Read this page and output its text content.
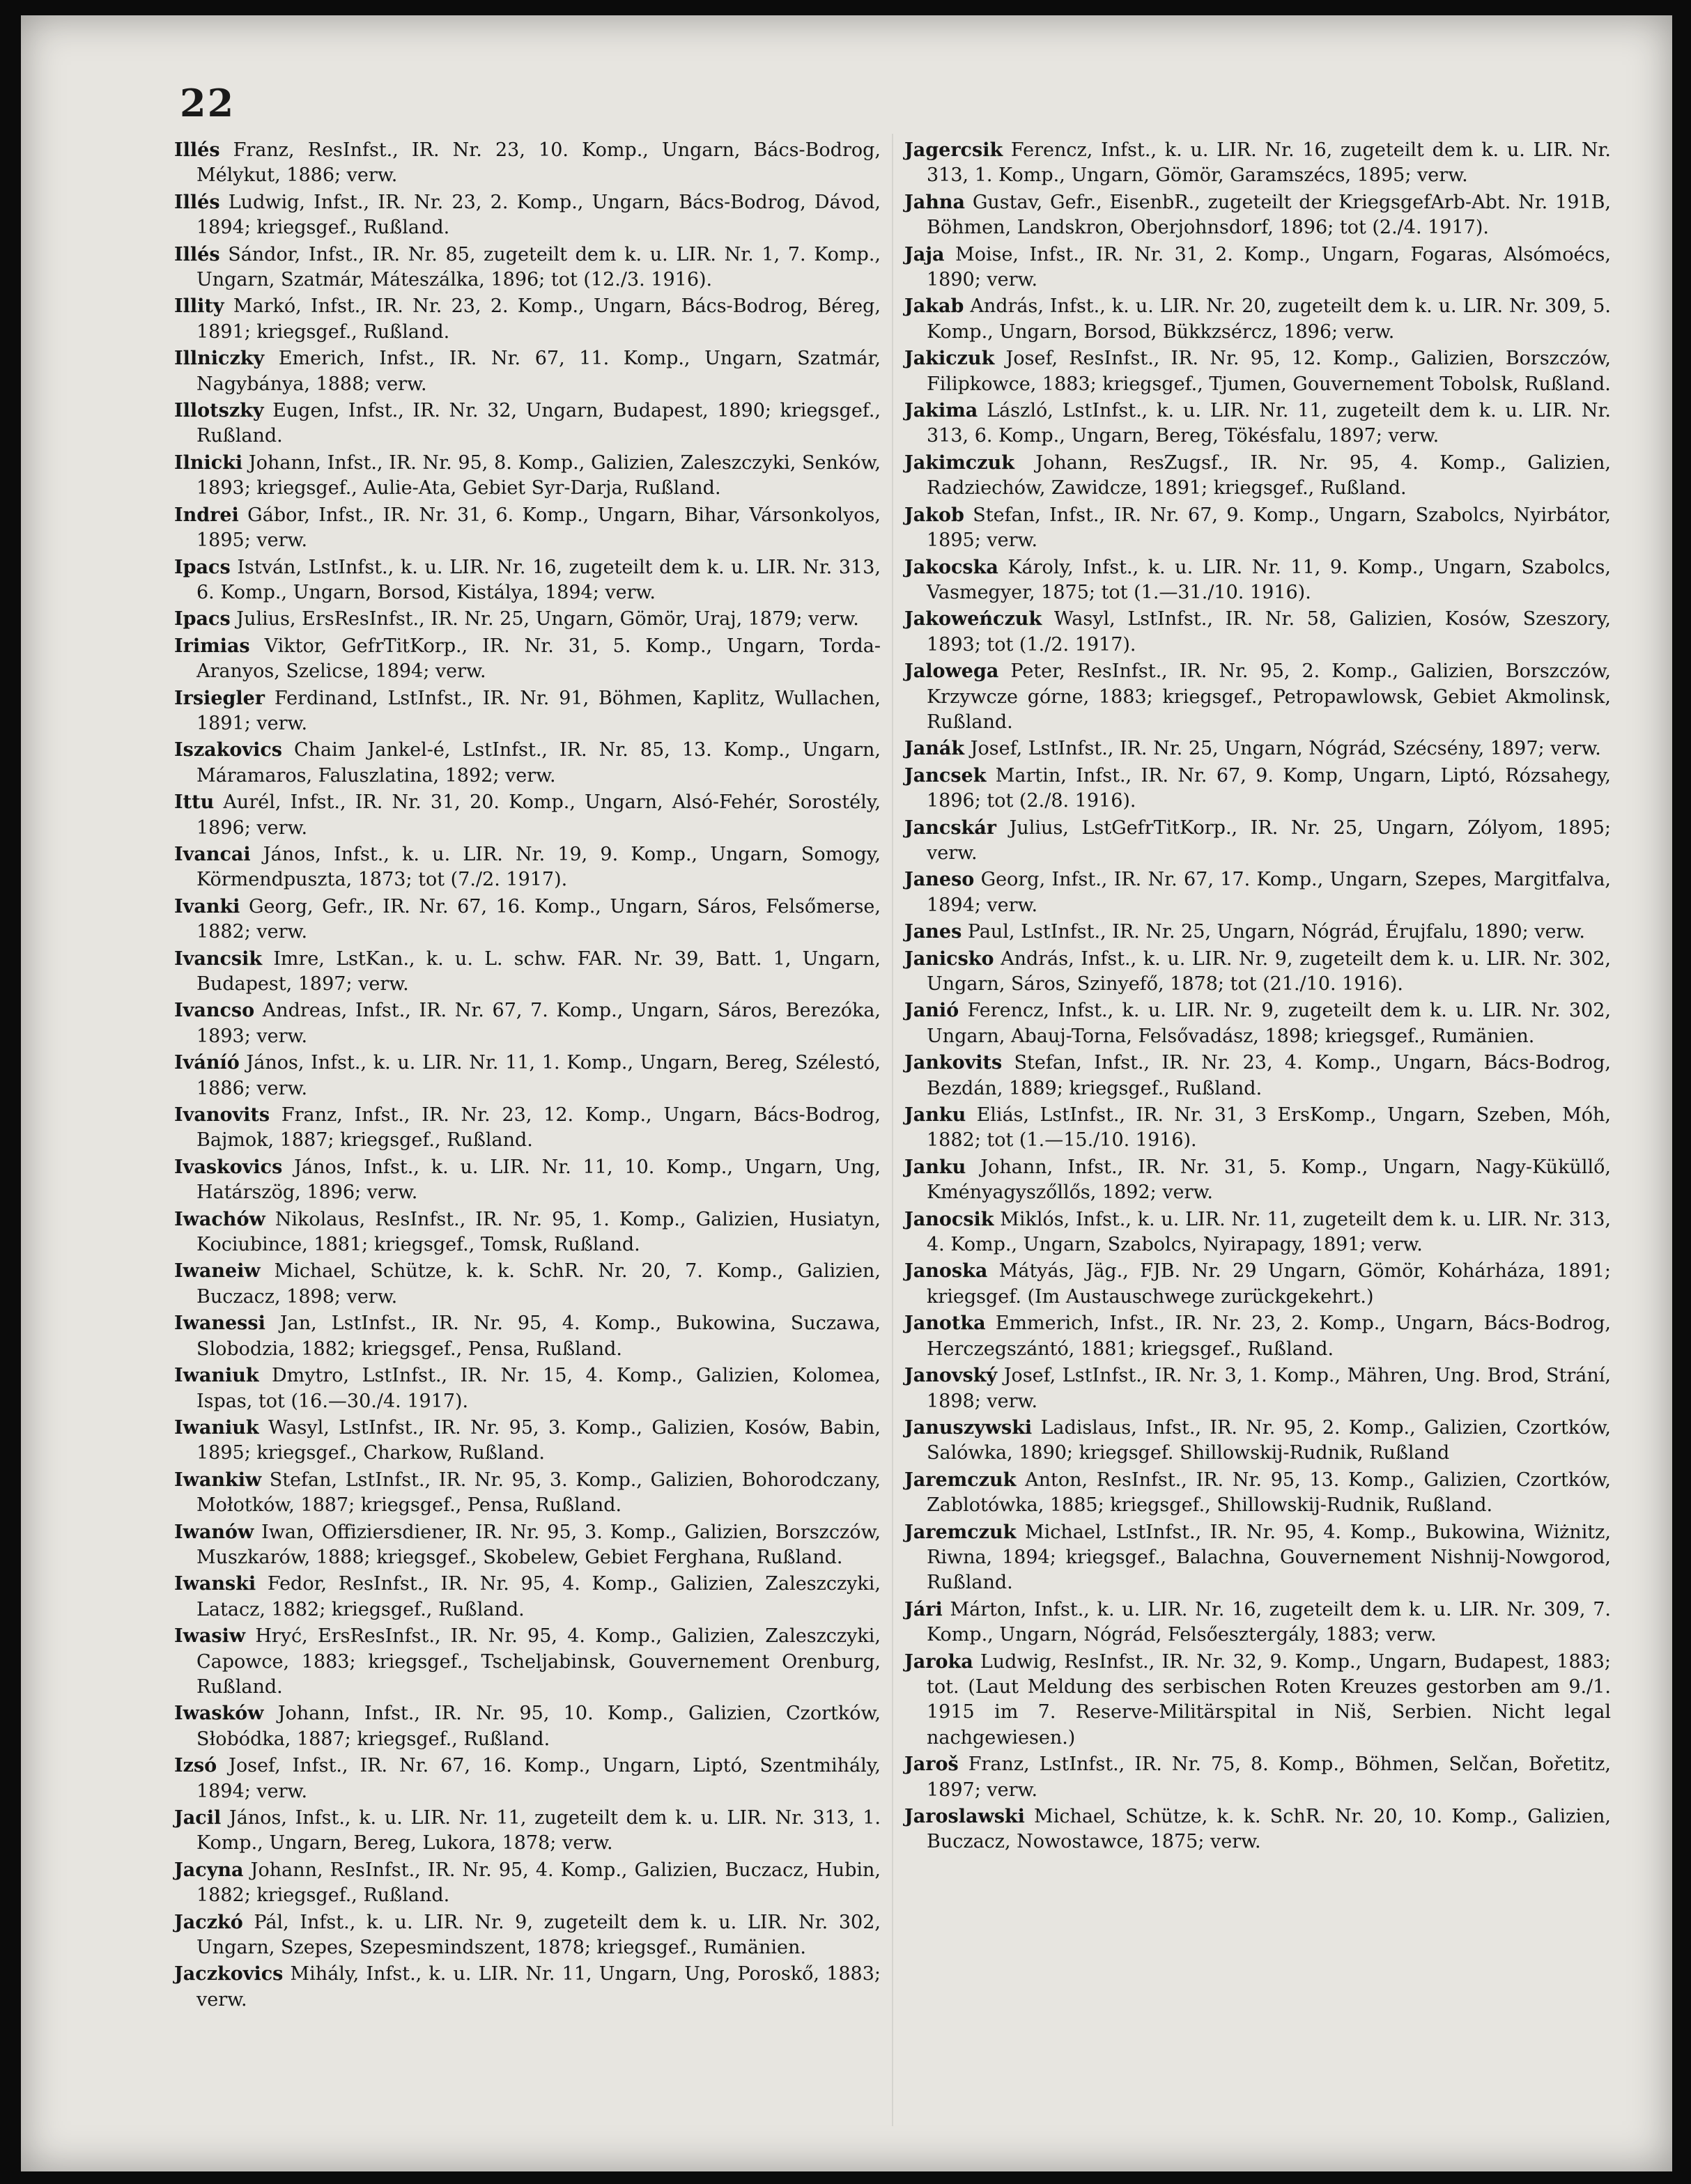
22

Illés Franz, ResInfst., IR. Nr. 23, 10. Komp., Ungarn, Bács-Bodrog, Mélykut, 1886; verw.

Illés Ludwig, Infst., IR. Nr. 23, 2. Komp., Ungarn, Bács-Bodrog, Dávod, 1894; kriegsgef., Rußland.

Illés Sándor, Infst., IR. Nr. 85, zugeteilt dem k. u. LIR. Nr. 1, 7. Komp., Ungarn, Szatmár, Máteszálka, 1896; tot (12./3. 1916).

Illity Markó, Infst., IR. Nr. 23, 2. Komp., Ungarn, Bács-Bodrog, Béreg, 1891; kriegsgef., Rußland.

Illniczky Emerich, Infst., IR. Nr. 67, 11. Komp., Ungarn, Szatmár, Nagybánya, 1888; verw.

Illotszky Eugen, Infst., IR. Nr. 32, Ungarn, Budapest, 1890; kriegsgef., Rußland.

Ilnicki Johann, Infst., IR. Nr. 95, 8. Komp., Galizien, Zaleszczyki, Senków, 1893; kriegsgef., Aulie-Ata, Gebiet Syr-Darja, Rußland.

Indrei Gábor, Infst., IR. Nr. 31, 6. Komp., Ungarn, Bihar, Vársonkolyos, 1895; verw.

Ipacs István, LstInfst., k. u. LIR. Nr. 16, zugeteilt dem k. u. LIR. Nr. 313, 6. Komp., Ungarn, Borsod, Kistálya, 1894; verw.

Ipacs Julius, ErsResInfst., IR. Nr. 25, Ungarn, Gömör, Uraj, 1879; verw.

Irimias Viktor, GefrTitKorp., IR. Nr. 31, 5. Komp., Ungarn, Torda-Aranyos, Szelicse, 1894; verw.

Irsiegler Ferdinand, LstInfst., IR. Nr. 91, Böhmen, Kaplitz, Wullachen, 1891; verw.

Iszakovics Chaim Jankel-é, LstInfst., IR. Nr. 85, 13. Komp., Ungarn, Máramaros, Faluszlatina, 1892; verw.

Ittu Aurél, Infst., IR. Nr. 31, 20. Komp., Ungarn, Alsó-Fehér, Sorostély, 1896; verw.

Ivancai János, Infst., k. u. LIR. Nr. 19, 9. Komp., Ungarn, Somogy, Körmendpuszta, 1873; tot (7./2. 1917).

Ivanki Georg, Gefr., IR. Nr. 67, 16. Komp., Ungarn, Sáros, Felsőmerse, 1882; verw.

Ivancsik Imre, LstKan., k. u. L. schw. FAR. Nr. 39, Batt. 1, Ungarn, Budapest, 1897; verw.

Ivancso Andreas, Infst., IR. Nr. 67, 7. Komp., Ungarn, Sáros, Berezóka, 1893; verw.

Iváníó János, Infst., k. u. LIR. Nr. 11, 1. Komp., Ungarn, Bereg, Szélestó, 1886; verw.

Ivanovits Franz, Infst., IR. Nr. 23, 12. Komp., Ungarn, Bács-Bodrog, Bajmok, 1887; kriegsgef., Rußland.

Ivaskovics János, Infst., k. u. LIR. Nr. 11, 10. Komp., Ungarn, Ung, Határszög, 1896; verw.

Iwachów Nikolaus, ResInfst., IR. Nr. 95, 1. Komp., Galizien, Husiatyn, Kociubince, 1881; kriegsgef., Tomsk, Rußland.

Iwaneiw Michael, Schütze, k. k. SchR. Nr. 20, 7. Komp., Galizien, Buczacz, 1898; verw.

Iwanessi Jan, LstInfst., IR. Nr. 95, 4. Komp., Bukowina, Suczawa, Slobodzia, 1882; kriegsgef., Pensa, Rußland.

Iwaniuk Dmytro, LstInfst., IR. Nr. 15, 4. Komp., Galizien, Kolomea, Ispas, tot (16.—30./4. 1917).

Iwaniuk Wasyl, LstInfst., IR. Nr. 95, 3. Komp., Galizien, Kosów, Babin, 1895; kriegsgef., Charkow, Rußland.

Iwankiw Stefan, LstInfst., IR. Nr. 95, 3. Komp., Galizien, Bohorodczany, Mołotków, 1887; kriegsgef., Pensa, Rußland.

Iwanów Iwan, Offiziersdiener, IR. Nr. 95, 3. Komp., Galizien, Borszczów, Muszkarów, 1888; kriegsgef., Skobelew, Gebiet Ferghana, Rußland.

Iwanski Fedor, ResInfst., IR. Nr. 95, 4. Komp., Galizien, Zaleszczyki, Latacz, 1882; kriegsgef., Rußland.

Iwasiw Hryć, ErsResInfst., IR. Nr. 95, 4. Komp., Galizien, Zaleszczyki, Capowce, 1883; kriegsgef., Tscheljabinsk, Gouvernement Orenburg, Rußland.

Iwasków Johann, Infst., IR. Nr. 95, 10. Komp., Galizien, Czortków, Słobódka, 1887; kriegsgef., Rußland.

Izsó Josef, Infst., IR. Nr. 67, 16. Komp., Ungarn, Liptó, Szentmihály, 1894; verw.

Jacil János, Infst., k. u. LIR. Nr. 11, zugeteilt dem k. u. LIR. Nr. 313, 1. Komp., Ungarn, Bereg, Lukora, 1878; verw.

Jacyna Johann, ResInfst., IR. Nr. 95, 4. Komp., Galizien, Buczacz, Hubin, 1882; kriegsgef., Rußland.

Jaczkó Pál, Infst., k. u. LIR. Nr. 9, zugeteilt dem k. u. LIR. Nr. 302, Ungarn, Szepes, Szepesmindszent, 1878; kriegsgef., Rumänien.

Jaczkovics Mihály, Infst., k. u. LIR. Nr. 11, Ungarn, Ung, Poroskő, 1883; verw.

Jagercsik Ferencz, Infst., k. u. LIR. Nr. 16, zugeteilt dem k. u. LIR. Nr. 313, 1. Komp., Ungarn, Gömör, Garamszécs, 1895; verw.

Jahna Gustav, Gefr., EisenbR., zugeteilt der KriegsgefArb-Abt. Nr. 191B, Böhmen, Landskron, Oberjohnsdorf, 1896; tot (2./4. 1917).

Jaja Moise, Infst., IR. Nr. 31, 2. Komp., Ungarn, Fogaras, Alsómoécs, 1890; verw.

Jakab András, Infst., k. u. LIR. Nr. 20, zugeteilt dem k. u. LIR. Nr. 309, 5. Komp., Ungarn, Borsod, Bükkzsércz, 1896; verw.

Jakiczuk Josef, ResInfst., IR. Nr. 95, 12. Komp., Galizien, Borszczów, Filipkowce, 1883; kriegsgef., Tjumen, Gouvernement Tobolsk, Rußland.

Jakima László, LstInfst., k. u. LIR. Nr. 11, zugeteilt dem k. u. LIR. Nr. 313, 6. Komp., Ungarn, Bereg, Tökésfalu, 1897; verw.

Jakimczuk Johann, ResZugsf., IR. Nr. 95, 4. Komp., Galizien, Radziechów, Zawidcze, 1891; kriegsgef., Rußland.

Jakob Stefan, Infst., IR. Nr. 67, 9. Komp., Ungarn, Szabolcs, Nyirbátor, 1895; verw.

Jakocska Károly, Infst., k. u. LIR. Nr. 11, 9. Komp., Ungarn, Szabolcs, Vasmegyer, 1875; tot (1.—31./10. 1916).

Jakoweńczuk Wasyl, LstInfst., IR. Nr. 58, Galizien, Kosów, Szeszory, 1893; tot (1./2. 1917).

Jalowega Peter, ResInfst., IR. Nr. 95, 2. Komp., Galizien, Borszczów, Krzywcze górne, 1883; kriegsgef., Petropawlowsk, Gebiet Akmolinsk, Rußland.

Janák Josef, LstInfst., IR. Nr. 25, Ungarn, Nógrád, Szécsény, 1897; verw.

Jancsek Martin, Infst., IR. Nr. 67, 9. Komp, Ungarn, Liptó, Rózsahegy, 1896; tot (2./8. 1916).

Jancskár Julius, LstGefrTitKorp., IR. Nr. 25, Ungarn, Zólyom, 1895; verw.

Janeso Georg, Infst., IR. Nr. 67, 17. Komp., Ungarn, Szepes, Margitfalva, 1894; verw.

Janes Paul, LstInfst., IR. Nr. 25, Ungarn, Nógrád, Érujfalu, 1890; verw.

Janicsko András, Infst., k. u. LIR. Nr. 9, zugeteilt dem k. u. LIR. Nr. 302, Ungarn, Sáros, Szinyefő, 1878; tot (21./10. 1916).

Janió Ferencz, Infst., k. u. LIR. Nr. 9, zugeteilt dem k. u. LIR. Nr. 302, Ungarn, Abauj-Torna, Felsővadász, 1898; kriegsgef., Rumänien.

Jankovits Stefan, Infst., IR. Nr. 23, 4. Komp., Ungarn, Bács-Bodrog, Bezdán, 1889; kriegsgef., Rußland.

Janku Eliás, LstInfst., IR. Nr. 31, 3 ErsKomp., Ungarn, Szeben, Móh, 1882; tot (1.—15./10. 1916).

Janku Johann, Infst., IR. Nr. 31, 5. Komp., Ungarn, Nagy-Küküllő, Kményagyszőllős, 1892; verw.

Janocsik Miklós, Infst., k. u. LIR. Nr. 11, zugeteilt dem k. u. LIR. Nr. 313, 4. Komp., Ungarn, Szabolcs, Nyirapagy, 1891; verw.

Janoska Mátyás, Jäg., FJB. Nr. 29 Ungarn, Gömör, Kohárháza, 1891; kriegsgef. (Im Austauschwege zurückgekehrt.)

Janotka Emmerich, Infst., IR. Nr. 23, 2. Komp., Ungarn, Bács-Bodrog, Herczegszántó, 1881; kriegsgef., Rußland.

Janovský Josef, LstInfst., IR. Nr. 3, 1. Komp., Mähren, Ung. Brod, Strání, 1898; verw.

Januszywski Ladislaus, Infst., IR. Nr. 95, 2. Komp., Galizien, Czortków, Salówka, 1890; kriegsgef. Shillowskij-Rudnik, Rußland

Jaremczuk Anton, ResInfst., IR. Nr. 95, 13. Komp., Galizien, Czortków, Zablotówka, 1885; kriegsgef., Shillowskij-Rudnik, Rußland.

Jaremczuk Michael, LstInfst., IR. Nr. 95, 4. Komp., Bukowina, Wiżnitz, Riwna, 1894; kriegsgef., Balachna, Gouvernement Nishnij-Nowgorod, Rußland.

Jári Márton, Infst., k. u. LIR. Nr. 16, zugeteilt dem k. u. LIR. Nr. 309, 7. Komp., Ungarn, Nógrád, Felsőesztergály, 1883; verw.

Jaroka Ludwig, ResInfst., IR. Nr. 32, 9. Komp., Ungarn, Budapest, 1883; tot. (Laut Meldung des serbischen Roten Kreuzes gestorben am 9./1. 1915 im 7. Reserve-Militärspital in Niš, Serbien. Nicht legal nachgewiesen.)

Jaroš Franz, LstInfst., IR. Nr. 75, 8. Komp., Böhmen, Selčan, Bořetitz, 1897; verw.

Jaroslawski Michael, Schütze, k. k. SchR. Nr. 20, 10. Komp., Galizien, Buczacz, Nowostawce, 1875; verw.
